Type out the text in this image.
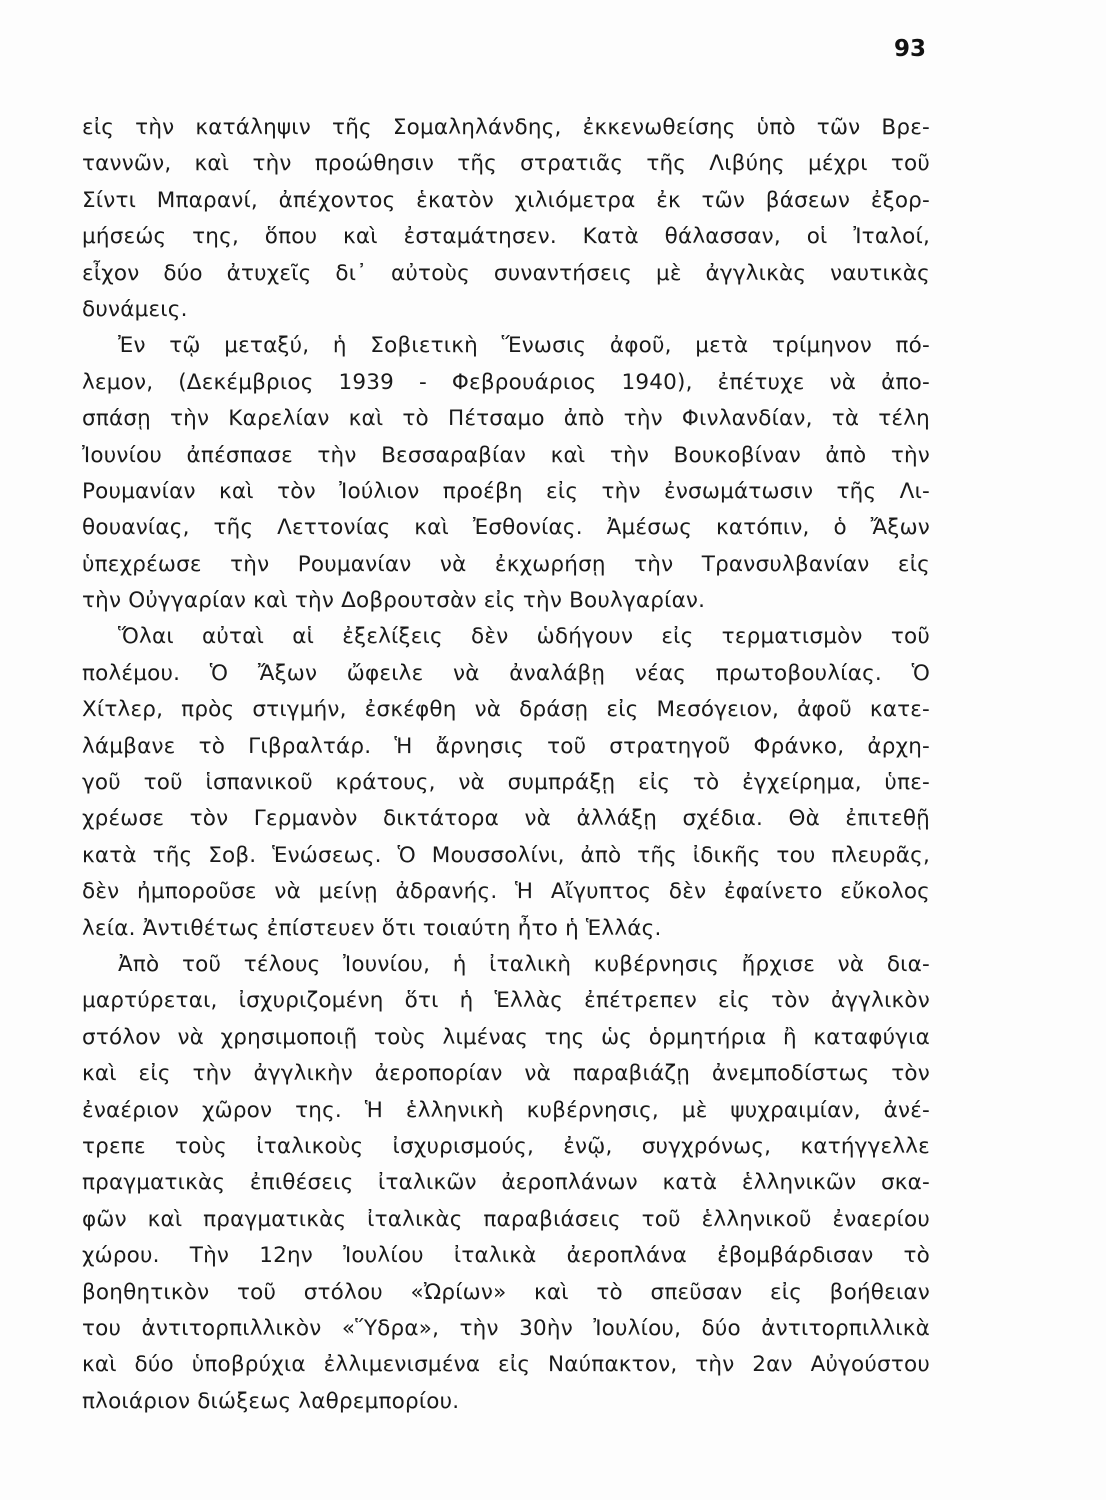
93
εἰς τὴν κατάληψιν τῆς Σομαληλάνδης, ἐκκενωθείσης ὑπὸ τῶν Βρε-
ταννῶν, καὶ τὴν προώθησιν τῆς στρατιᾶς τῆς Λιβύης μέχρι τοῦ
Σίντι Μπαρανί, ἀπέχοντος ἑκατὸν χιλιόμετρα ἐκ τῶν βάσεων ἐξορ-
μήσεώς της, ὅπου καὶ ἐσταμάτησεν. Κατὰ θάλασσαν, οἱ Ἰταλοί,
εἶχον δύο ἀτυχεῖς δι᾿ αὐτοὺς συναντήσεις μὲ ἀγγλικὰς ναυτικὰς
δυνάμεις.
Ἐν τῷ μεταξύ, ἡ Σοβιετικὴ Ἕνωσις ἀφοῦ, μετὰ τρίμηνον πό-
λεμον, (Δεκέμβριος 1939 - Φεβρουάριος 1940), ἐπέτυχε νὰ ἀπο-
σπάσῃ τὴν Καρελίαν καὶ τὸ Πέτσαμο ἀπὸ τὴν Φινλανδίαν, τὰ τέλη
Ἰουνίου ἀπέσπασε τὴν Βεσσαραβίαν καὶ τὴν Βουκοβίναν ἀπὸ τὴν
Ρουμανίαν καὶ τὸν Ἰούλιον προέβη εἰς τὴν ἐνσωμάτωσιν τῆς Λι-
θουανίας, τῆς Λεττονίας καὶ Ἐσθονίας. Ἀμέσως κατόπιν, ὁ Ἄξων
ὑπεχρέωσε τὴν Ρουμανίαν νὰ ἐκχωρήσῃ τὴν Τρανσυλβανίαν εἰς
τὴν Οὐγγαρίαν καὶ τὴν Δοβρουτσὰν εἰς τὴν Βουλγαρίαν.
Ὅλαι αὐταὶ αἱ ἐξελίξεις δὲν ὡδήγουν εἰς τερματισμὸν τοῦ
πολέμου. Ὁ Ἄξων ὤφειλε νὰ ἀναλάβῃ νέας πρωτοβουλίας. Ὁ
Χίτλερ, πρὸς στιγμήν, ἐσκέφθη νὰ δράσῃ εἰς Μεσόγειον, ἀφοῦ κατε-
λάμβανε τὸ Γιβραλτάρ. Ἡ ἄρνησις τοῦ στρατηγοῦ Φράνκο, ἀρχη-
γοῦ τοῦ ἱσπανικοῦ κράτους, νὰ συμπράξῃ εἰς τὸ ἐγχείρημα, ὑπε-
χρέωσε τὸν Γερμανὸν δικτάτορα νὰ ἀλλάξῃ σχέδια. Θὰ ἐπιτεθῇ
κατὰ τῆς Σοβ. Ἑνώσεως. Ὁ Μουσσολίνι, ἀπὸ τῆς ἰδικῆς του πλευρᾶς,
δὲν ἠμποροῦσε νὰ μείνῃ ἀδρανής. Ἡ Αἴγυπτος δὲν ἐφαίνετο εὔκολος
λεία. Ἀντιθέτως ἐπίστευεν ὅτι τοιαύτη ἦτο ἡ Ἑλλάς.
Ἀπὸ τοῦ τέλους Ἰουνίου, ἡ ἰταλικὴ κυβέρνησις ἤρχισε νὰ δια-
μαρτύρεται, ἰσχυριζομένη ὅτι ἡ Ἑλλὰς ἐπέτρεπεν εἰς τὸν ἀγγλικὸν
στόλον νὰ χρησιμοποιῇ τοὺς λιμένας της ὡς ὁρμητήρια ἢ καταφύγια
καὶ εἰς τὴν ἀγγλικὴν ἀεροπορίαν νὰ παραβιάζῃ ἀνεμποδίστως τὸν
ἐναέριον χῶρον της. Ἡ ἑλληνικὴ κυβέρνησις, μὲ ψυχραιμίαν, ἀνέ-
τρεπε τοὺς ἰταλικοὺς ἰσχυρισμούς, ἐνῷ, συγχρόνως, κατήγγελλε
πραγματικὰς ἐπιθέσεις ἰταλικῶν ἀεροπλάνων κατὰ ἑλληνικῶν σκα-
φῶν καὶ πραγματικὰς ἰταλικὰς παραβιάσεις τοῦ ἑλληνικοῦ ἐναερίου
χώρου. Τὴν 12ην Ἰουλίου ἰταλικὰ ἀεροπλάνα ἐβομβάρδισαν τὸ
βοηθητικὸν τοῦ στόλου «Ὠρίων» καὶ τὸ σπεῦσαν εἰς βοήθειαν
του ἀντιτορπιλλικὸν «Ὕδρα», τὴν 30ὴν Ἰουλίου, δύο ἀντιτορπιλλικὰ
καὶ δύο ὑποβρύχια ἐλλιμενισμένα εἰς Ναύπακτον, τὴν 2αν Αὐγούστου
πλοιάριον διώξεως λαθρεμπορίου.
